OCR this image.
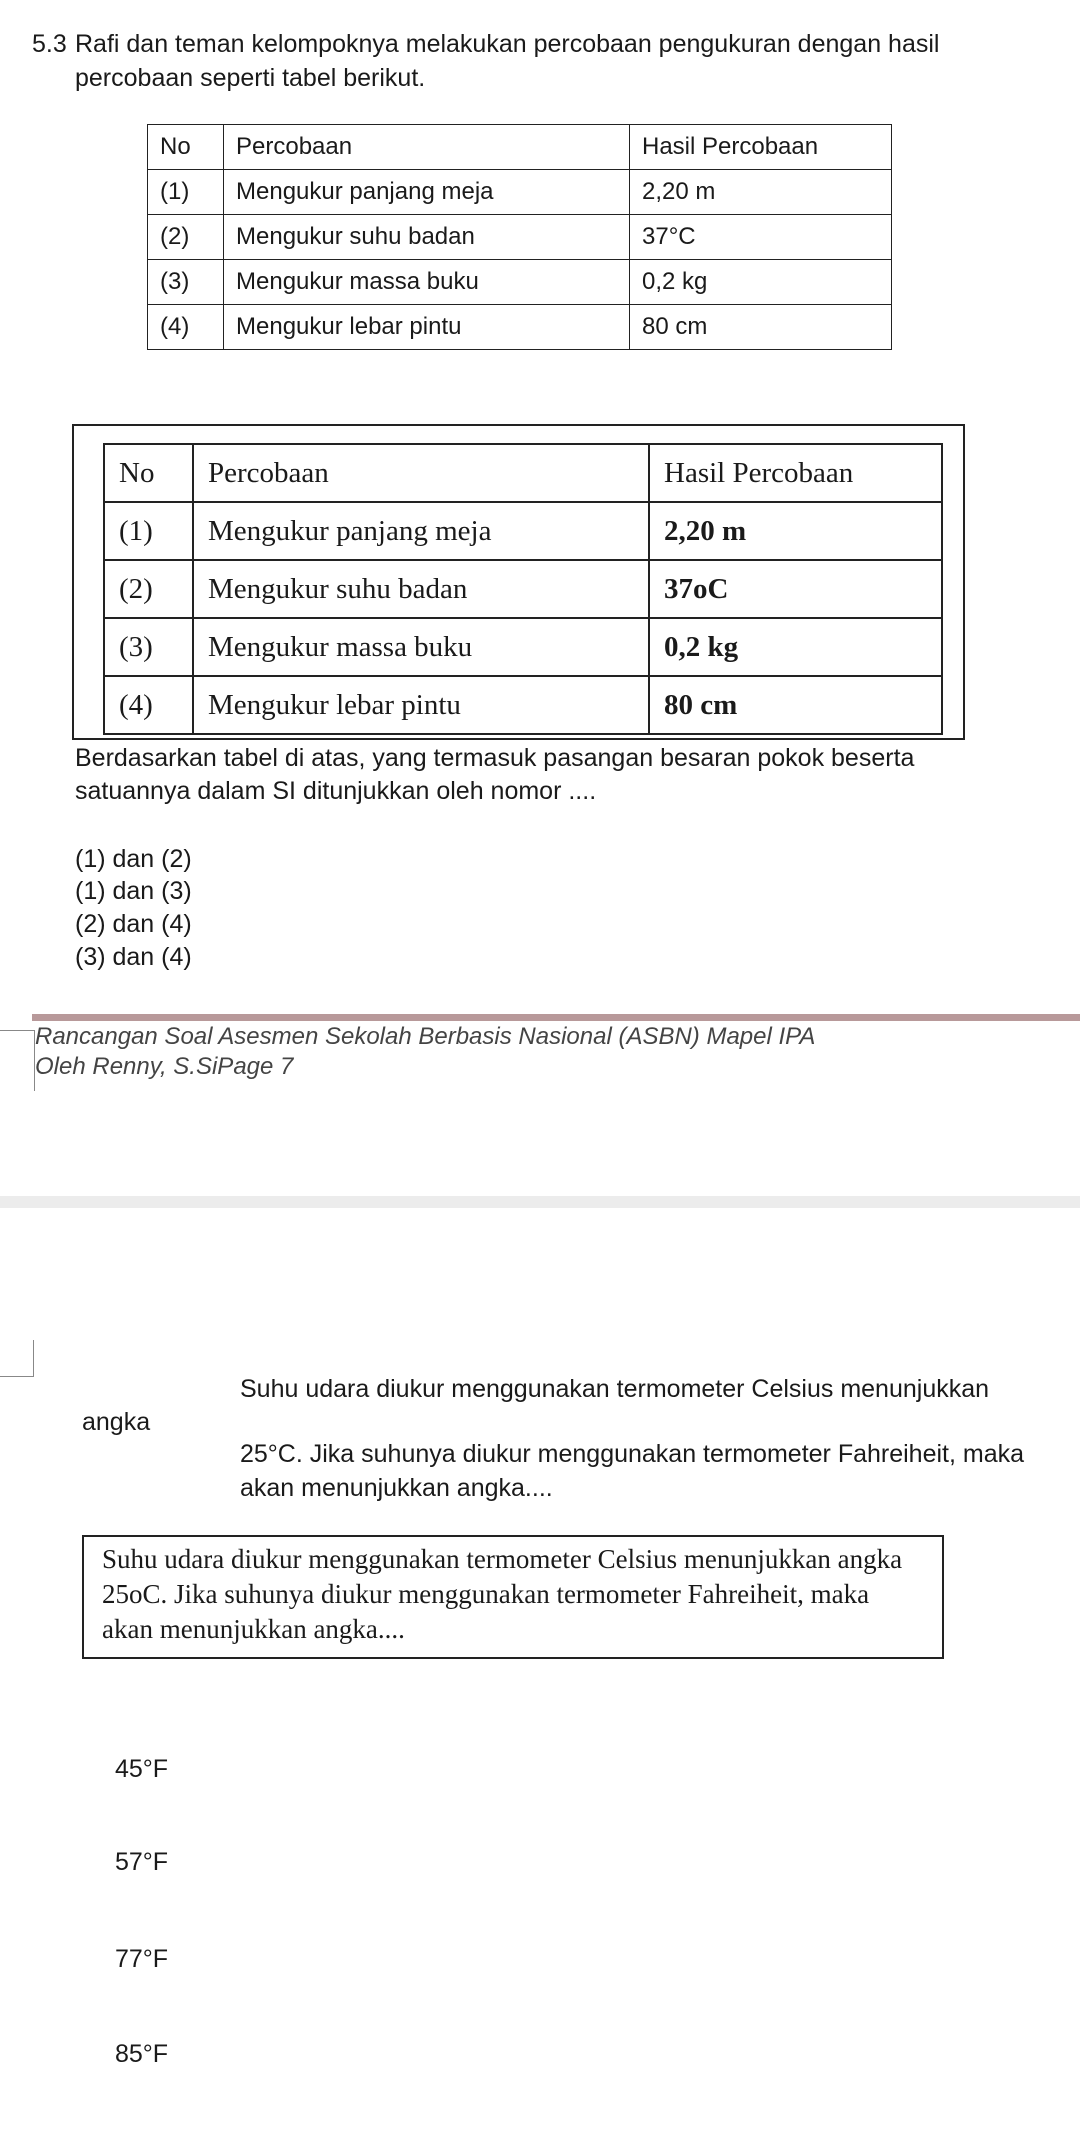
5.3 Rafi dan teman kelompoknya melakukan percobaan pengukuran dengan hasil
percobaan seperti tabel berikut.
No	Percobaan	Hasil Percobaan
(1)	Mengukur panjang meja	2,20 m
(2)	Mengukur suhu badan	37°C
(3)	Mengukur massa buku	0,2 kg
(4)	Mengukur lebar pintu	80 cm
No	Percobaan	Hasil Percobaan
(1)	Mengukur panjang meja	2,20 m
(2)	Mengukur suhu badan	37oC
(3)	Mengukur massa buku	0,2 kg
(4)	Mengukur lebar pintu	80 cm
Berdasarkan tabel di atas, yang termasuk pasangan besaran pokok beserta
satuannya dalam SI ditunjukkan oleh nomor ....
(1) dan (2)
(1) dan (3)
(2) dan (4)
(3) dan (4)
Rancangan Soal Asesmen Sekolah Berbasis Nasional (ASBN) Mapel IPA
Oleh Renny, S.SiPage 7
Suhu udara diukur menggunakan termometer Celsius menunjukkan
angka
25°C. Jika suhunya diukur menggunakan termometer Fahreiheit, maka
akan menunjukkan angka....
Suhu udara diukur menggunakan termometer Celsius menunjukkan angka
25oC. Jika suhunya diukur menggunakan termometer Fahreiheit, maka
akan menunjukkan angka....
45°F
57°F
77°F
85°F
